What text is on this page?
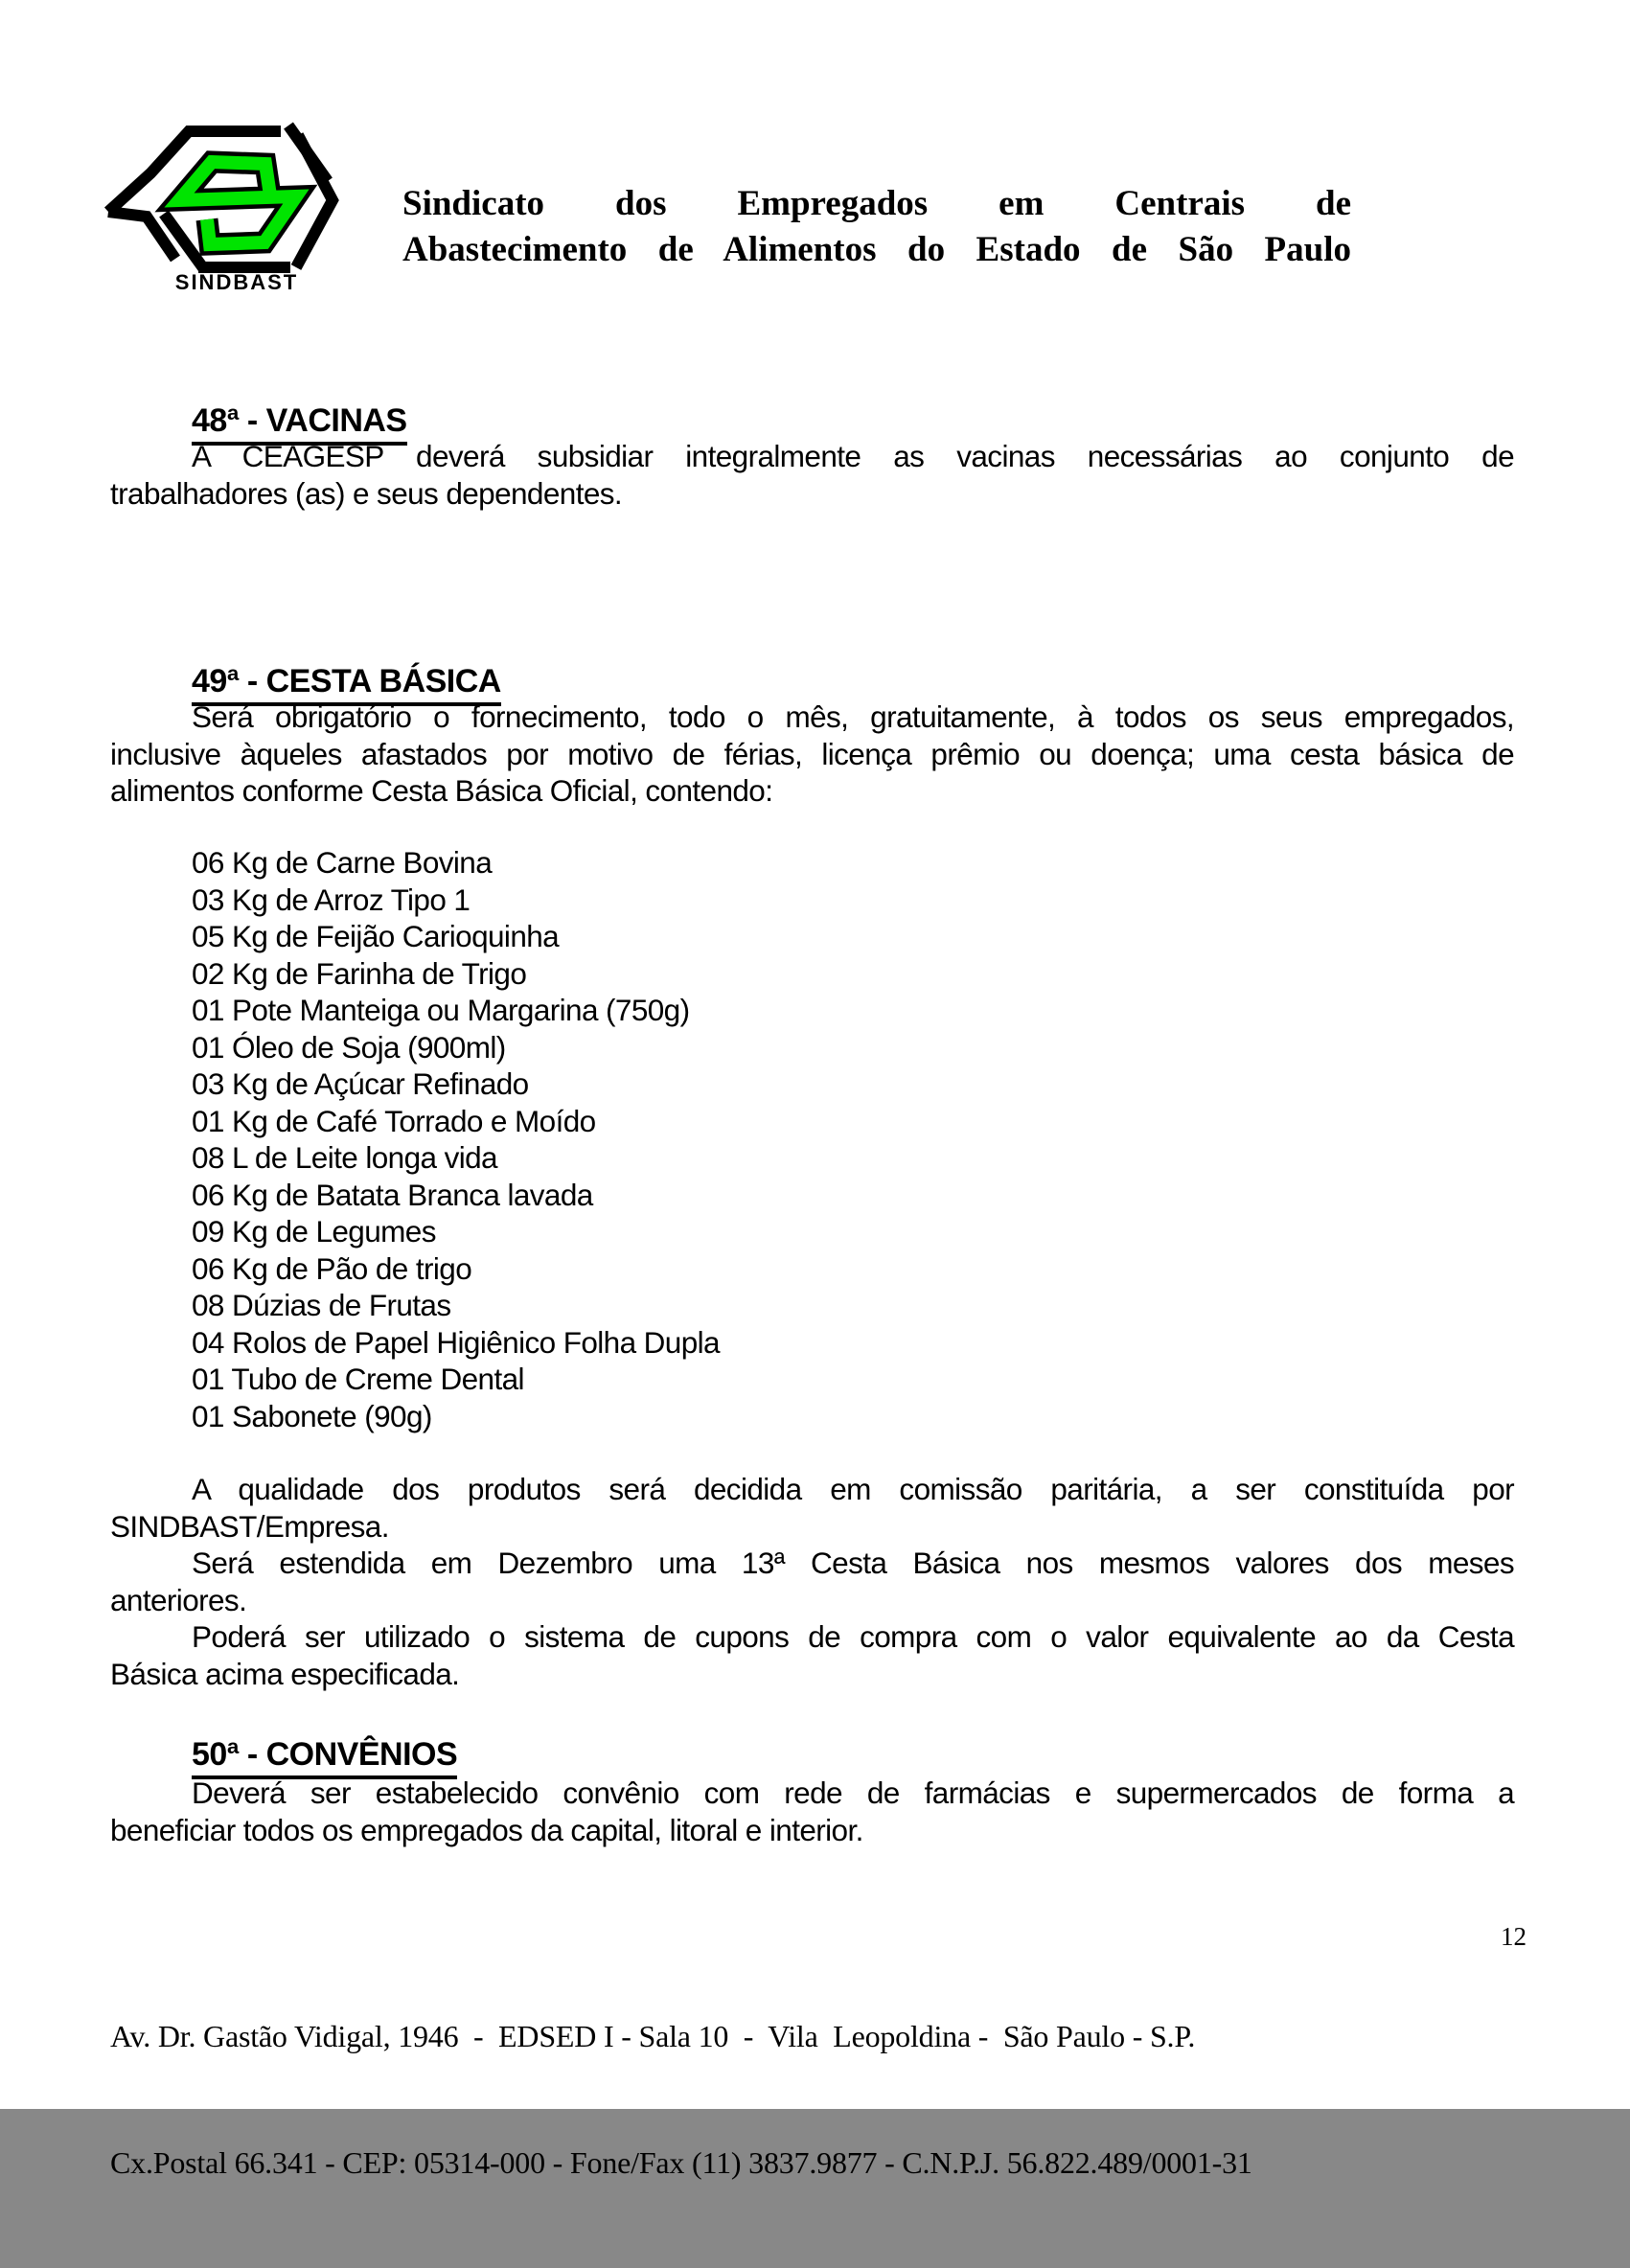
SINDBAST
Sindicato dos Empregados em Centrais de
Abastecimento de Alimentos do Estado de São Paulo
48ª - VACINAS
A CEAGESP deverá subsidiar integralmente as vacinas necessárias ao conjunto de
trabalhadores (as) e seus dependentes.
49ª - CESTA BÁSICA
Será obrigatório o fornecimento, todo o mês, gratuitamente, à todos os seus empregados,
inclusive àqueles afastados por motivo de férias, licença prêmio ou doença; uma cesta básica de
alimentos conforme Cesta Básica Oficial, contendo:
06 Kg de Carne Bovina
03 Kg de Arroz Tipo 1
05 Kg de Feijão Carioquinha
02 Kg de Farinha de Trigo
01 Pote Manteiga ou Margarina (750g)
01 Óleo de Soja (900ml)
03 Kg de Açúcar Refinado
01 Kg de Café Torrado e Moído
08 L de Leite longa vida
06 Kg de Batata Branca lavada
09 Kg de Legumes
06 Kg de Pão de trigo
08 Dúzias de Frutas
04 Rolos de Papel Higiênico Folha Dupla
01 Tubo de Creme Dental
01 Sabonete (90g)
A qualidade dos produtos será decidida em comissão paritária, a ser constituída por
SINDBAST/Empresa.
Será estendida em Dezembro uma 13ª Cesta Básica nos mesmos valores dos meses
anteriores.
Poderá ser utilizado o sistema de cupons de compra com o valor equivalente ao da Cesta
Básica acima especificada.
50ª - CONVÊNIOS
Deverá ser estabelecido convênio com rede de farmácias e supermercados de forma a
beneficiar todos os empregados da capital, litoral e interior.

Av. Dr. Gastão Vidigal, 1946  -  EDSED I - Sala 10  -  Vila  Leopoldina -  São Paulo - S.P.

Cx.Postal 66.341 - CEP: 05314-000 - Fone/Fax (11) 3837.9877 - C.N.P.J. 56.822.489/0001-31

12
